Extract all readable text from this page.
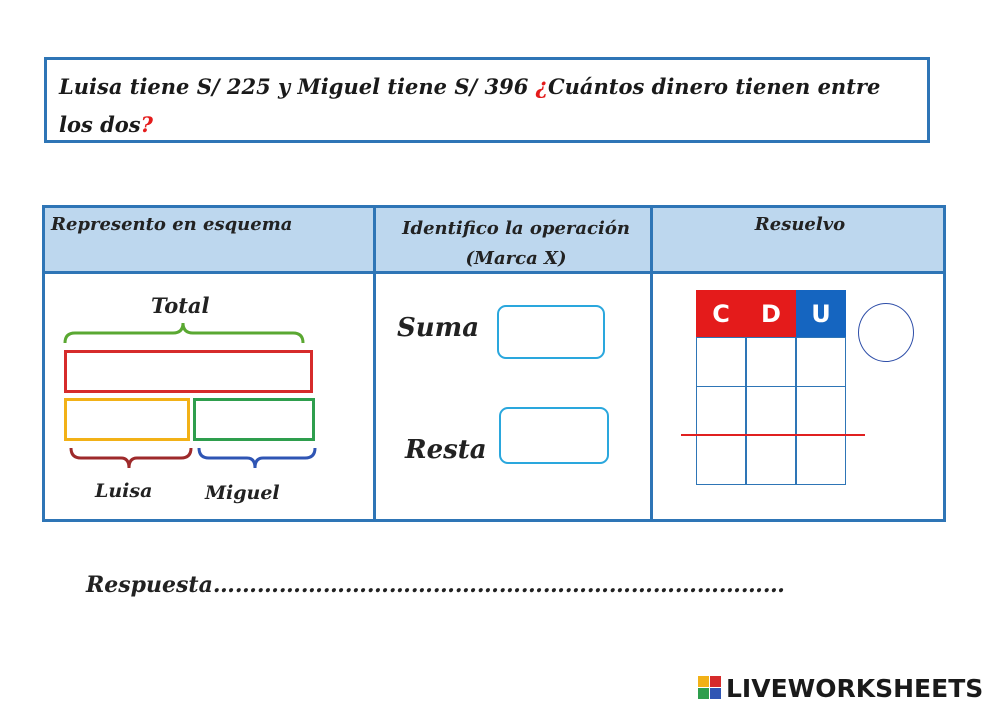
Luisa tiene S/ 225 y Miguel tiene S/ 396 ¿Cuántos dinero tienen entre los dos?
Represento en esquema	Identifico la operación
(Marca X)
Resuelvo
Total
Luisa	Miguel
Suma
Resta
C D U
Respuesta……………………………………………………………………
LIVEWORKSHEETS
